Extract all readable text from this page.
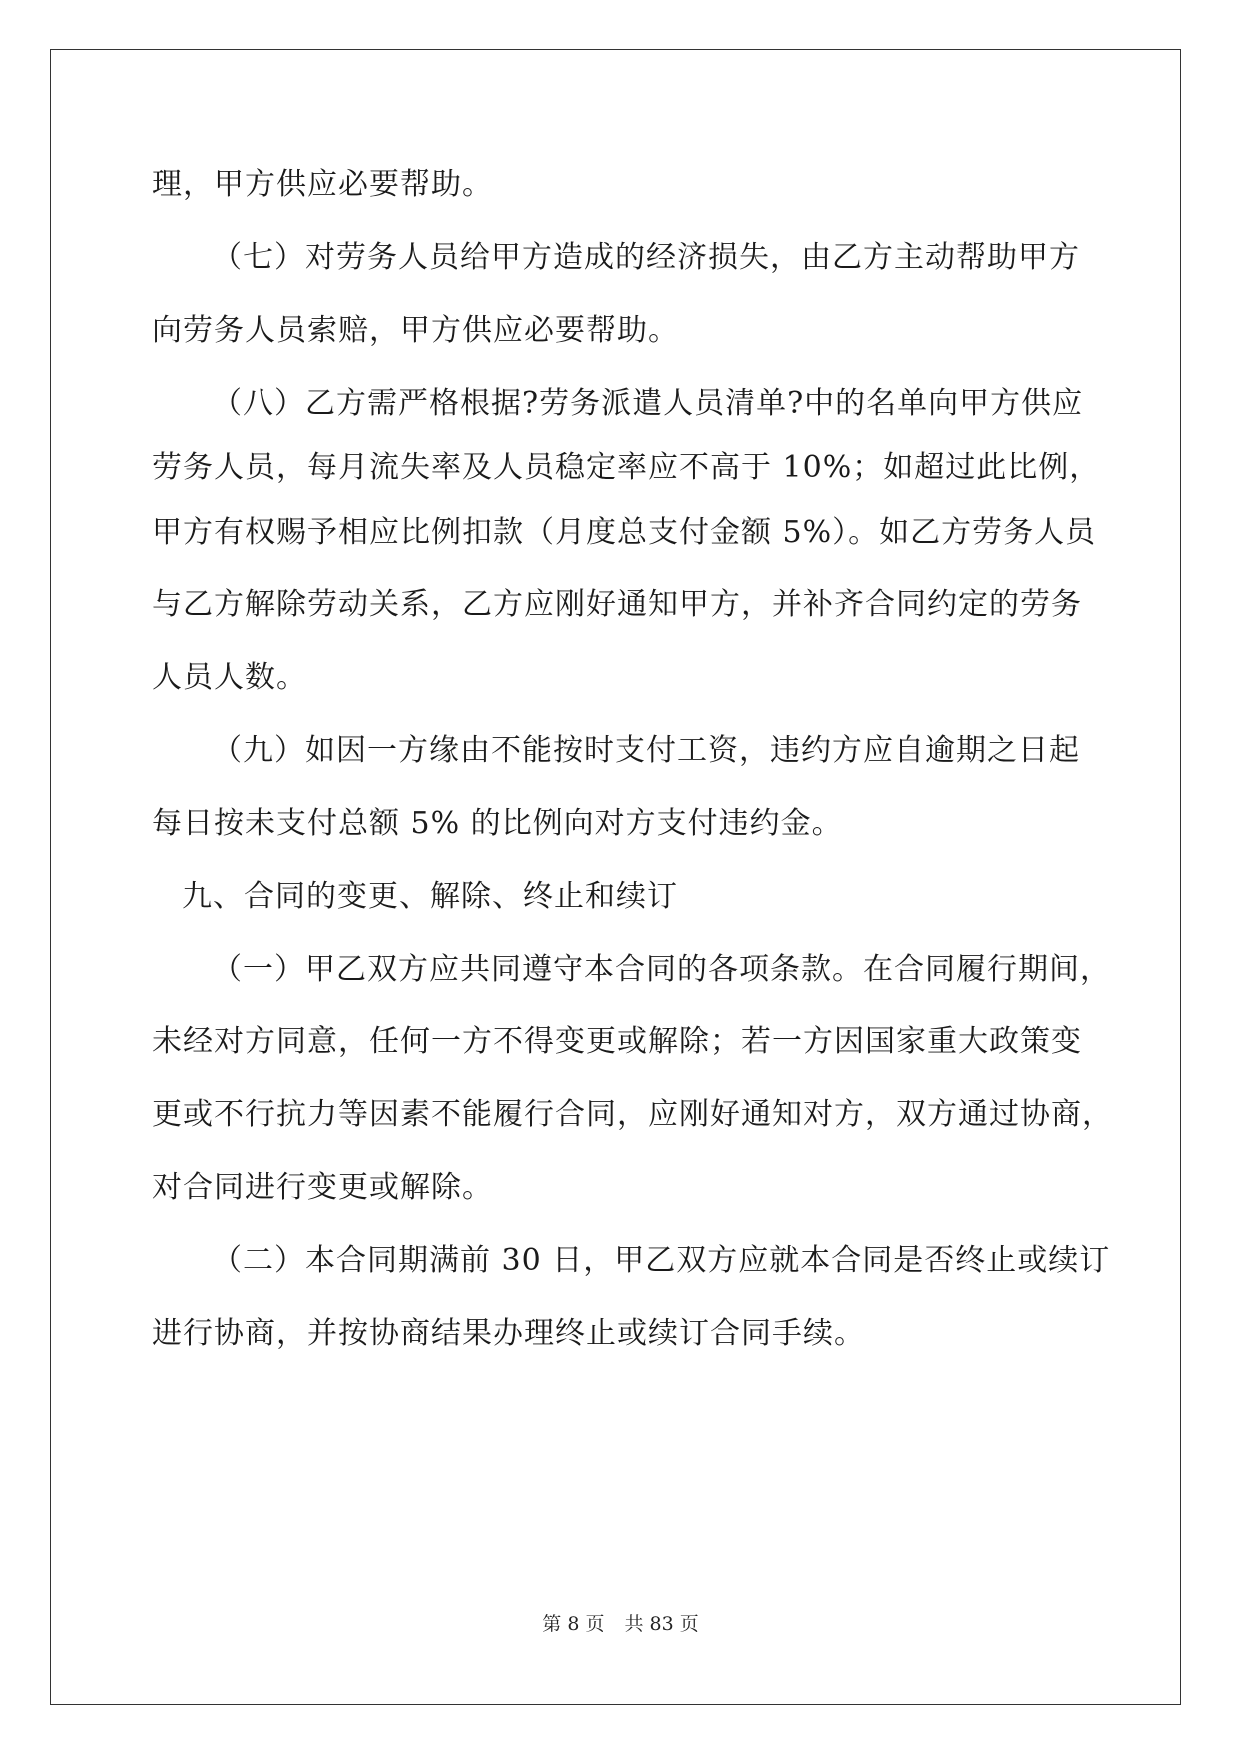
理，甲方供应必要帮助。
（七）对劳务人员给甲方造成的经济损失，由乙方主动帮助甲方
向劳务人员索赔，甲方供应必要帮助。
（八）乙方需严格根据?劳务派遣人员清单?中的名单向甲方供应
劳务人员，每月流失率及人员稳定率应不高于 10%；如超过此比例，
甲方有权赐予相应比例扣款（月度总支付金额 5%）。如乙方劳务人员
与乙方解除劳动关系，乙方应刚好通知甲方，并补齐合同约定的劳务
人员人数。
（九）如因一方缘由不能按时支付工资，违约方应自逾期之日起
每日按未支付总额 5% 的比例向对方支付违约金。
九、合同的变更、解除、终止和续订
（一）甲乙双方应共同遵守本合同的各项条款。在合同履行期间，
未经对方同意，任何一方不得变更或解除；若一方因国家重大政策变
更或不行抗力等因素不能履行合同，应刚好通知对方，双方通过协商，
对合同进行变更或解除。
（二）本合同期满前 30 日，甲乙双方应就本合同是否终止或续订
进行协商，并按协商结果办理终止或续订合同手续。
第 8 页 共 83 页
